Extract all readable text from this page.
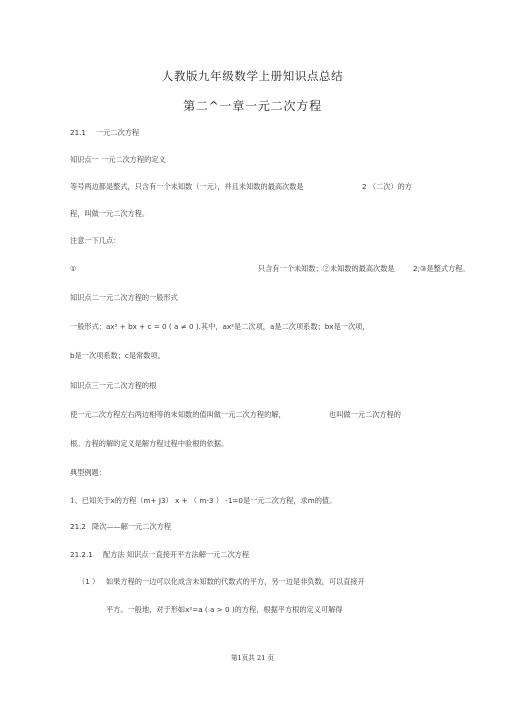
人教版九年级数学上册知识点总结
第二^一章一元二次方程
21.1 一元二次方程
知识点一 一元二次方程的定义
等号两边都是整式，只含有一个未知数（一元），并且未知数的最高次数是	2 （二次）的方
程，叫做一元二次方程。
注意一下几点：
①	只含有一个未知数；②未知数的最高次数是	2;③是整式方程。
知识点二一元二次方程的一般形式
一般形式：ax² + bx + c = 0 ( a ≠ 0 ).其中，ax²是二次项，a是二次项系数；bx是一次项，
b是一次项系数；c是常数项。
知识点三一元二次方程的根
使一元二次方程左右两边相等的未知数的值叫做一元二次方程的解，	也叫做一元二次方程的
根。方程的解的定义是解方程过程中验根的依据。
典型例题：
1、已知关于x的方程（m+ J3） x + （ m-3 ） -1=0是一元二次方程，求m的值。
21.2 降次——解一元二次方程
21.2.1 配方法 知识点一直接开平方法解一元二次方程
（1 ） 如果方程的一边可以化成含未知数的代数式的平方，另一边是非负数，可以直接开
平方。一般地，对于形如x²=a ( a > 0 )的方程，根据平方根的定义可解得
第1页共 21 页
